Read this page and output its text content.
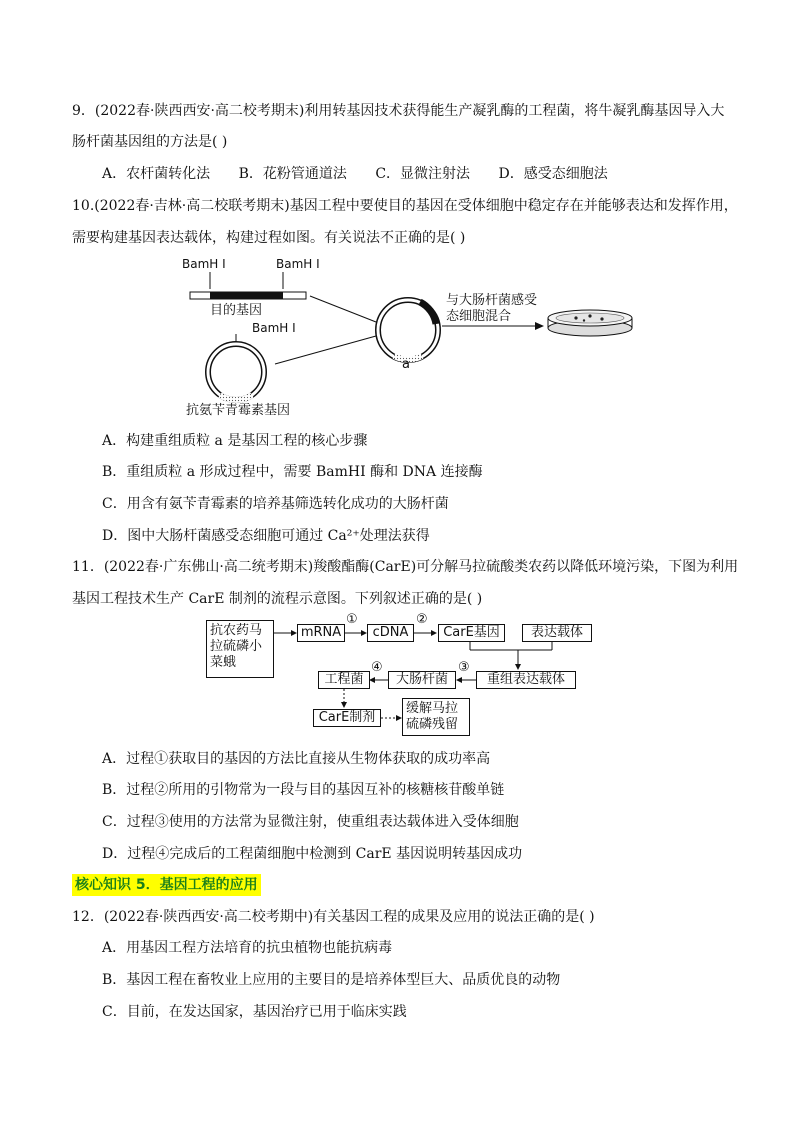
9．(2022春·陕西西安·高二校考期末)利用转基因技术获得能生产凝乳酶的工程菌，将牛凝乳酶基因导入大
肠杆菌基因组的方法是( )
A．农杆菌转化法 B．花粉管通道法 C．显微注射法 D．感受态细胞法
10.(2022春·吉林·高二校联考期末)基因工程中要使目的基因在受体细胞中稳定存在并能够表达和发挥作用，
需要构建基因表达载体，构建过程如图。有关说法不正确的是( )
BamH Ⅰ	BamH Ⅰ
目的基因
BamH Ⅰ
抗氨苄青霉素基因
a
与大肠杆菌感受
态细胞混合
A．构建重组质粒 a 是基因工程的核心步骤
B．重组质粒 a 形成过程中，需要 BamHI 酶和 DNA 连接酶
C．用含有氨苄青霉素的培养基筛选转化成功的大肠杆菌
D．图中大肠杆菌感受态细胞可通过 Ca²⁺处理法获得
11．(2022春·广东佛山·高二统考期末)羧酸酯酶(CarE)可分解马拉硫酸类农药以降低环境污染，下图为利用
基因工程技术生产 CarE 制剂的流程示意图。下列叙述正确的是( )
抗农药马
拉硫磷小
菜蛾
mRNA
①
cDNA
②
CarE基因	表达载体
重组表达载体
③
大肠杆菌
④
工程菌
CarE制剂
缓解马拉
硫磷残留
A．过程①获取目的基因的方法比直接从生物体获取的成功率高
B．过程②所用的引物常为一段与目的基因互补的核糖核苷酸单链
C．过程③使用的方法常为显微注射，使重组表达载体进入受体细胞
D．过程④完成后的工程菌细胞中检测到 CarE 基因说明转基因成功
核心知识 5．基因工程的应用
12．(2022春·陕西西安·高二校考期中)有关基因工程的成果及应用的说法正确的是( )
A．用基因工程方法培育的抗虫植物也能抗病毒
B．基因工程在畜牧业上应用的主要目的是培养体型巨大、品质优良的动物
C．目前，在发达国家，基因治疗已用于临床实践
